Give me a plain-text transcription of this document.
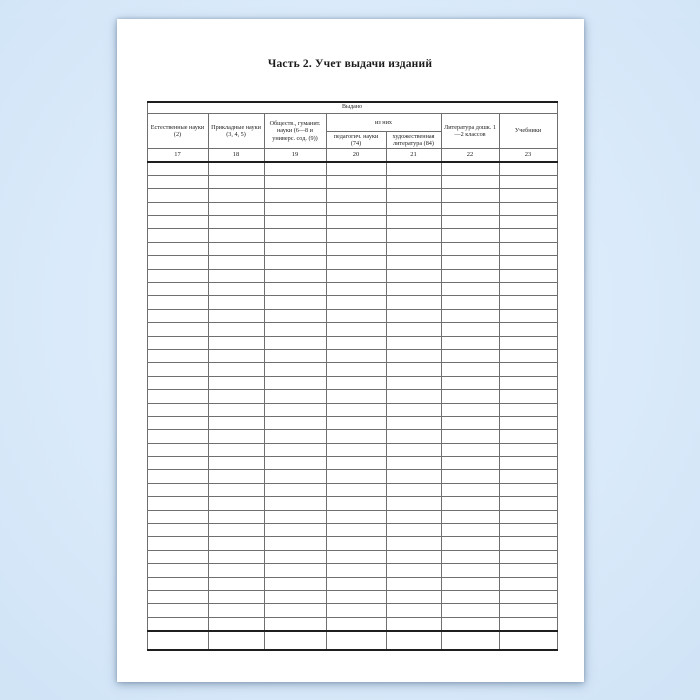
Часть 2. Учет выдачи изданий
Выдано						
Естественные науки (2)	Прикладные науки (3, 4, 5)	Обществ., гуманит. науки (6—8 и универс. сод. (9))	из них		Литература дошк. 1—2 классов	Учебники
			педагогич. науки (74)	художественная литература (84)		
17	18	19	20	21	22	23
